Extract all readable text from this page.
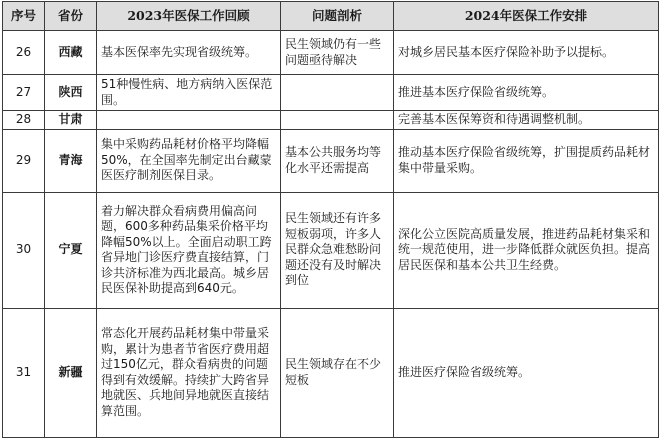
序号	省份	2023年医保工作回顾	问题剖析	2024年医保工作安排
26	西藏	基本医保率先实现省级统筹。	民生领域仍有一些问题亟待解决	对城乡居民基本医疗保险补助予以提标。
27	陕西	51种慢性病、地方病纳入医保范围。		推进基本医疗保险省级统筹。
28	甘肃			完善基本医保筹资和待遇调整机制。
29	青海	集中采购药品耗材价格平均降幅50%，在全国率先制定出台藏蒙医医疗制剂医保目录。	基本公共服务均等化水平还需提高	推动基本医疗保险省级统筹，扩围提质药品耗材集中带量采购。
30	宁夏	着力解决群众看病费用偏高问题，600多种药品集采价格平均降幅50%以上。全面启动职工跨省异地门诊医疗费直接结算，门诊共济标准为西北最高。城乡居民医保补助提高到640元。	民生领域还有许多短板弱项，许多人民群众急难愁盼问题还没有及时解决到位	深化公立医院高质量发展，推进药品耗材集采和统一规范使用，进一步降低群众就医负担。提高居民医保和基本公共卫生经费。
31	新疆	常态化开展药品耗材集中带量采购，累计为患者节省医疗费用超过150亿元，群众看病贵的问题得到有效缓解。持续扩大跨省异地就医、兵地间异地就医直接结算范围。	民生领域存在不少短板	推进医疗保险省级统筹。
